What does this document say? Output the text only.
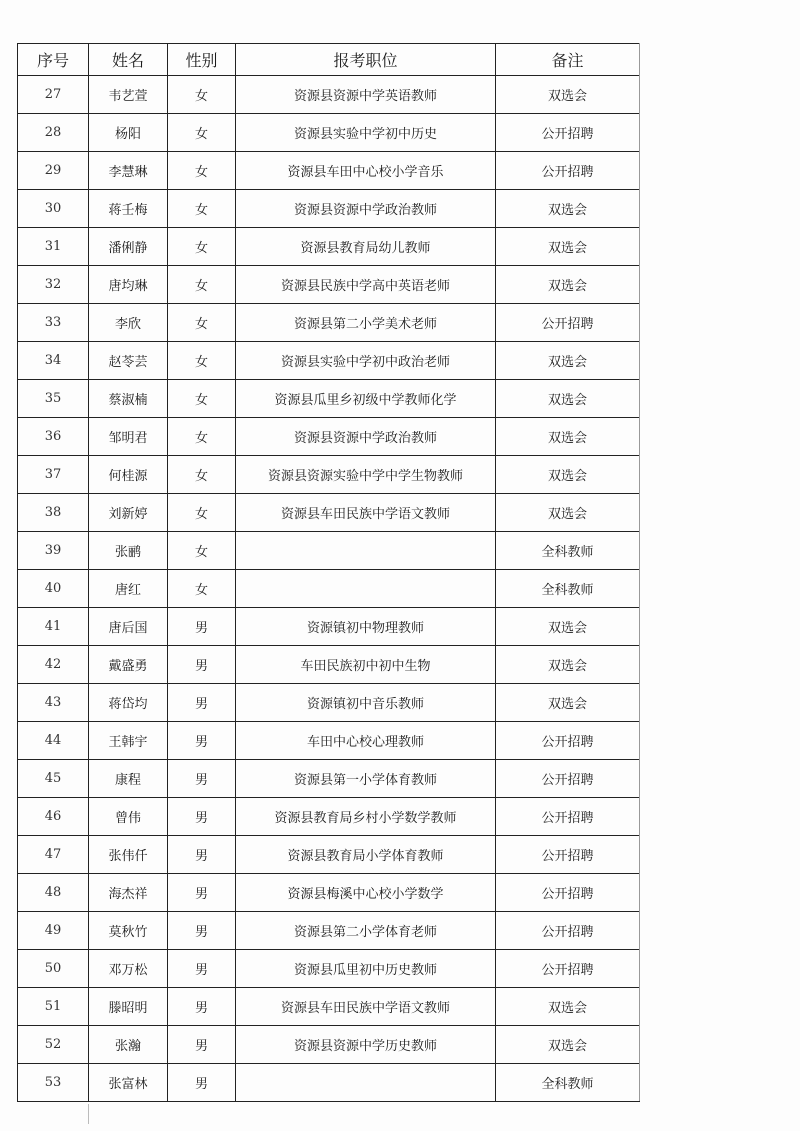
序号	姓名	性别	报考职位	备注
27	韦艺萱	女	资源县资源中学英语教师	双选会
28	杨阳	女	资源县实验中学初中历史	公开招聘
29	李慧琳	女	资源县车田中心校小学音乐	公开招聘
30	蒋壬梅	女	资源县资源中学政治教师	双选会
31	潘俐静	女	资源县教育局幼儿教师	双选会
32	唐均琳	女	资源县民族中学高中英语老师	双选会
33	李欣	女	资源县第二小学美术老师	公开招聘
34	赵苓芸	女	资源县实验中学初中政治老师	双选会
35	蔡淑楠	女	资源县瓜里乡初级中学教师化学	双选会
36	邹明君	女	资源县资源中学政治教师	双选会
37	何桂源	女	资源县资源实验中学中学生物教师	双选会
38	刘新婷	女	资源县车田民族中学语文教师	双选会
39	张鹂	女		全科教师
40	唐红	女		全科教师
41	唐后国	男	资源镇初中物理教师	双选会
42	戴盛勇	男	车田民族初中初中生物	双选会
43	蒋岱均	男	资源镇初中音乐教师	双选会
44	王韩宇	男	车田中心校心理教师	公开招聘
45	康程	男	资源县第一小学体育教师	公开招聘
46	曾伟	男	资源县教育局乡村小学数学教师	公开招聘
47	张伟仟	男	资源县教育局小学体育教师	公开招聘
48	海杰祥	男	资源县梅溪中心校小学数学	公开招聘
49	莫秋竹	男	资源县第二小学体育老师	公开招聘
50	邓万松	男	资源县瓜里初中历史教师	公开招聘
51	滕昭明	男	资源县车田民族中学语文教师	双选会
52	张瀚	男	资源县资源中学历史教师	双选会
53	张富林	男		全科教师
